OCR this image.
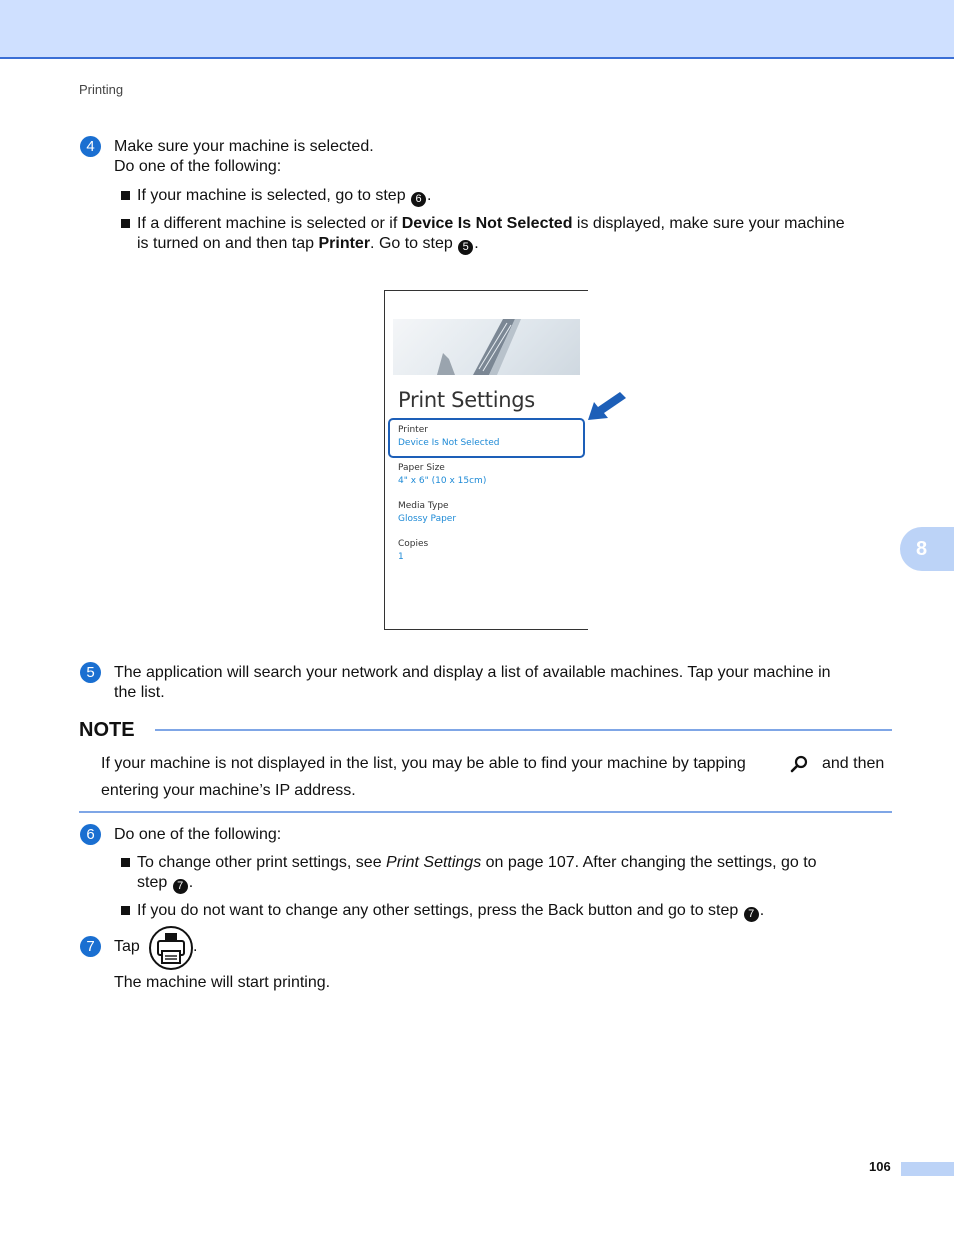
Printing
4	Make sure your machine is selected.
Do one of the following:
If your machine is selected, go to step 6 .
If a different machine is selected or if Device Is Not Selected is displayed, make sure your machine
is turned on and then tap Printer. Go to step 5 .
Print Settings
Printer
Device Is Not Selected
Paper Size
4" x 6" (10 x 15cm)
Media Type
Glossy Paper
Copies
1	8
5	The application will search your network and display a list of available machines. Tap your machine in
the list.
NOTE
If your machine is not displayed in the list, you may be able to find your machine by tapping	and then
entering your machine’s IP address.
6	Do one of the following:
To change other print settings, see Print Settings on page 107. After changing the settings, go to
step 7 .
If you do not want to change any other settings, press the Back button and go to step 7 .
7	Tap	.
The machine will start printing.
106
